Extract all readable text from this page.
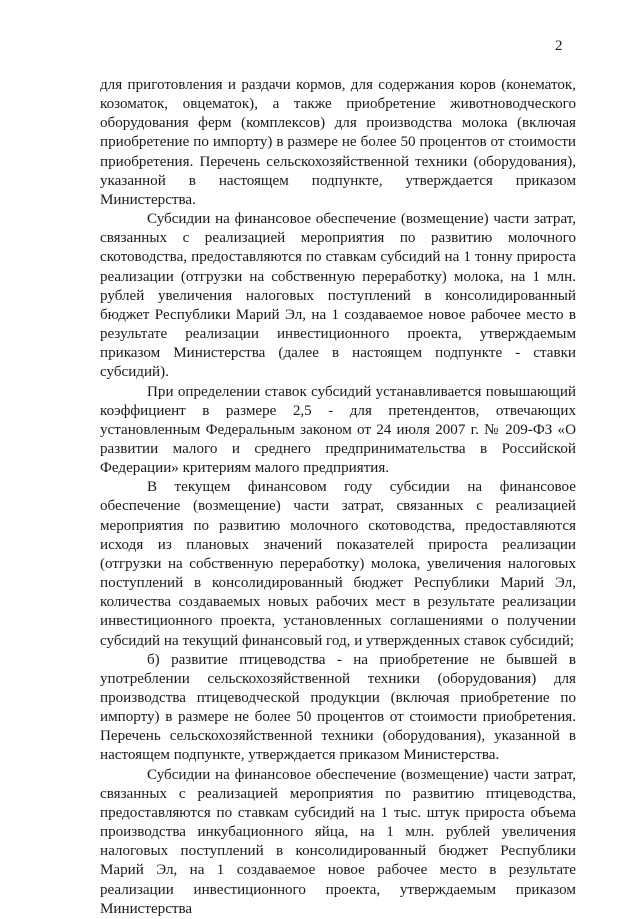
2

для приготовления и раздачи кормов, для содержания коров (конематок, козоматок, овцематок), а также приобретение животноводческого оборудования ферм (комплексов) для производства молока (включая приобретение по импорту) в размере не более 50 процентов от стоимости приобретения. Перечень сельскохозяйственной техники (оборудования), указанной в настоящем подпункте, утверждается приказом Министерства.

Субсидии на финансовое обеспечение (возмещение) части затрат, связанных с реализацией мероприятия по развитию молочного скотоводства, предоставляются по ставкам субсидий на 1 тонну прироста реализации (отгрузки на собственную переработку) молока, на 1 млн. рублей увеличения налоговых поступлений в консолидированный бюджет Республики Марий Эл, на 1 создаваемое новое рабочее место в результате реализации инвестиционного проекта, утверждаемым приказом Министерства (далее в настоящем подпункте - ставки субсидий).

При определении ставок субсидий устанавливается повышающий коэффициент в размере 2,5 - для претендентов, отвечающих установленным Федеральным законом от 24 июля 2007 г. № 209-ФЗ «О развитии малого и среднего предпринимательства в Российской Федерации» критериям малого предприятия.

В текущем финансовом году субсидии на финансовое обеспечение (возмещение) части затрат, связанных с реализацией мероприятия по развитию молочного скотоводства, предоставляются исходя из плановых значений показателей прироста реализации (отгрузки на собственную переработку) молока, увеличения налоговых поступлений в консолидированный бюджет Республики Марий Эл, количества создаваемых новых рабочих мест в результате реализации инвестиционного проекта, установленных соглашениями о получении субсидий на текущий финансовый год, и утвержденных ставок субсидий;

б) развитие птицеводства - на приобретение не бывшей в употреблении сельскохозяйственной техники (оборудования) для производства птицеводческой продукции (включая приобретение по импорту) в размере не более 50 процентов от стоимости приобретения. Перечень сельскохозяйственной техники (оборудования), указанной в настоящем подпункте, утверждается приказом Министерства.

Субсидии на финансовое обеспечение (возмещение) части затрат, связанных с реализацией мероприятия по развитию птицеводства, предоставляются по ставкам субсидий на 1 тыс. штук прироста объема производства инкубационного яйца, на 1 млн. рублей увеличения налоговых поступлений в консолидированный бюджет Республики Марий Эл, на 1 создаваемое новое рабочее место в результате реализации инвестиционного проекта, утверждаемым приказом Министерства
